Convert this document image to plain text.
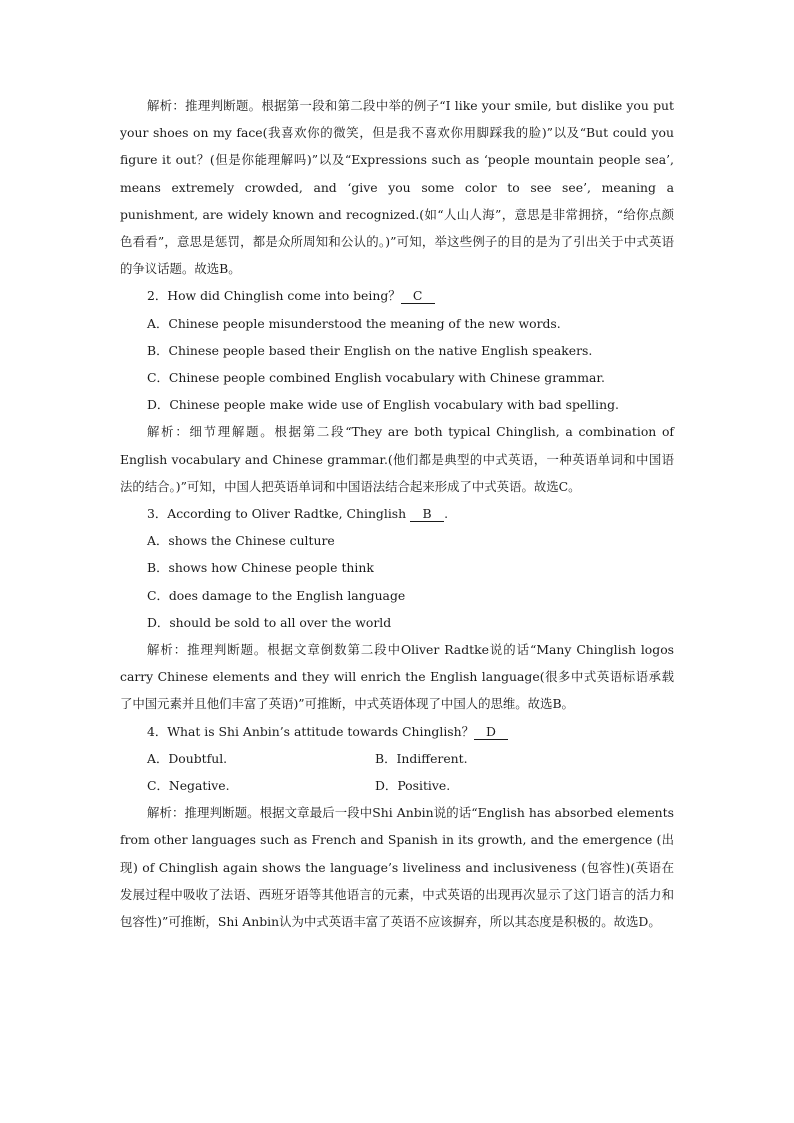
解析：推理判断题。根据第一段和第二段中举的例子“I like your smile, but dislike you put your shoes on my face(我喜欢你的微笑，但是我不喜欢你用脚踩我的脸)”以及“But could you figure it out？(但是你能理解吗)”以及“Expressions such as ‘people mountain people sea’, means extremely crowded, and ‘give you some color to see see’, meaning a punishment, are widely known and recognized.(如“人山人海”，意思是非常拥挤，“给你点颜色看看”，意思是惩罚，都是众所周知和公认的。)”可知，举这些例子的目的是为了引出关于中式英语的争议话题。故选B。

2．How did Chinglish come into being？ C

A．Chinese people misunderstood the meaning of the new words.

B．Chinese people based their English on the native English speakers.

C．Chinese people combined English vocabulary with Chinese grammar.

D．Chinese people make wide use of English vocabulary with bad spelling.

解析：细节理解题。根据第二段“They are both typical Chinglish, a combination of English vocabulary and Chinese grammar.(他们都是典型的中式英语，一种英语单词和中国语法的结合。)”可知，中国人把英语单词和中国语法结合起来形成了中式英语。故选C。

3．According to Oliver Radtke, Chinglish B .

A．shows the Chinese culture

B．shows how Chinese people think

C．does damage to the English language

D．should be sold to all over the world

解析：推理判断题。根据文章倒数第二段中Oliver Radtke说的话“Many Chinglish logos carry Chinese elements and they will enrich the English language(很多中式英语标语承载了中国元素并且他们丰富了英语)”可推断，中式英语体现了中国人的思维。故选B。

4．What is Shi Anbin’s attitude towards Chinglish？ D

A．Doubtful.	B．Indifferent.
C．Negative.	D．Positive.

解析：推理判断题。根据文章最后一段中Shi Anbin说的话“English has absorbed elements from other languages such as French and Spanish in its growth, and the emergence (出现) of Chinglish again shows the language’s liveliness and inclusiveness (包容性)(英语在发展过程中吸收了法语、西班牙语等其他语言的元素，中式英语的出现再次显示了这门语言的活力和包容性)”可推断，Shi Anbin认为中式英语丰富了英语不应该摒弃，所以其态度是积极的。故选D。
